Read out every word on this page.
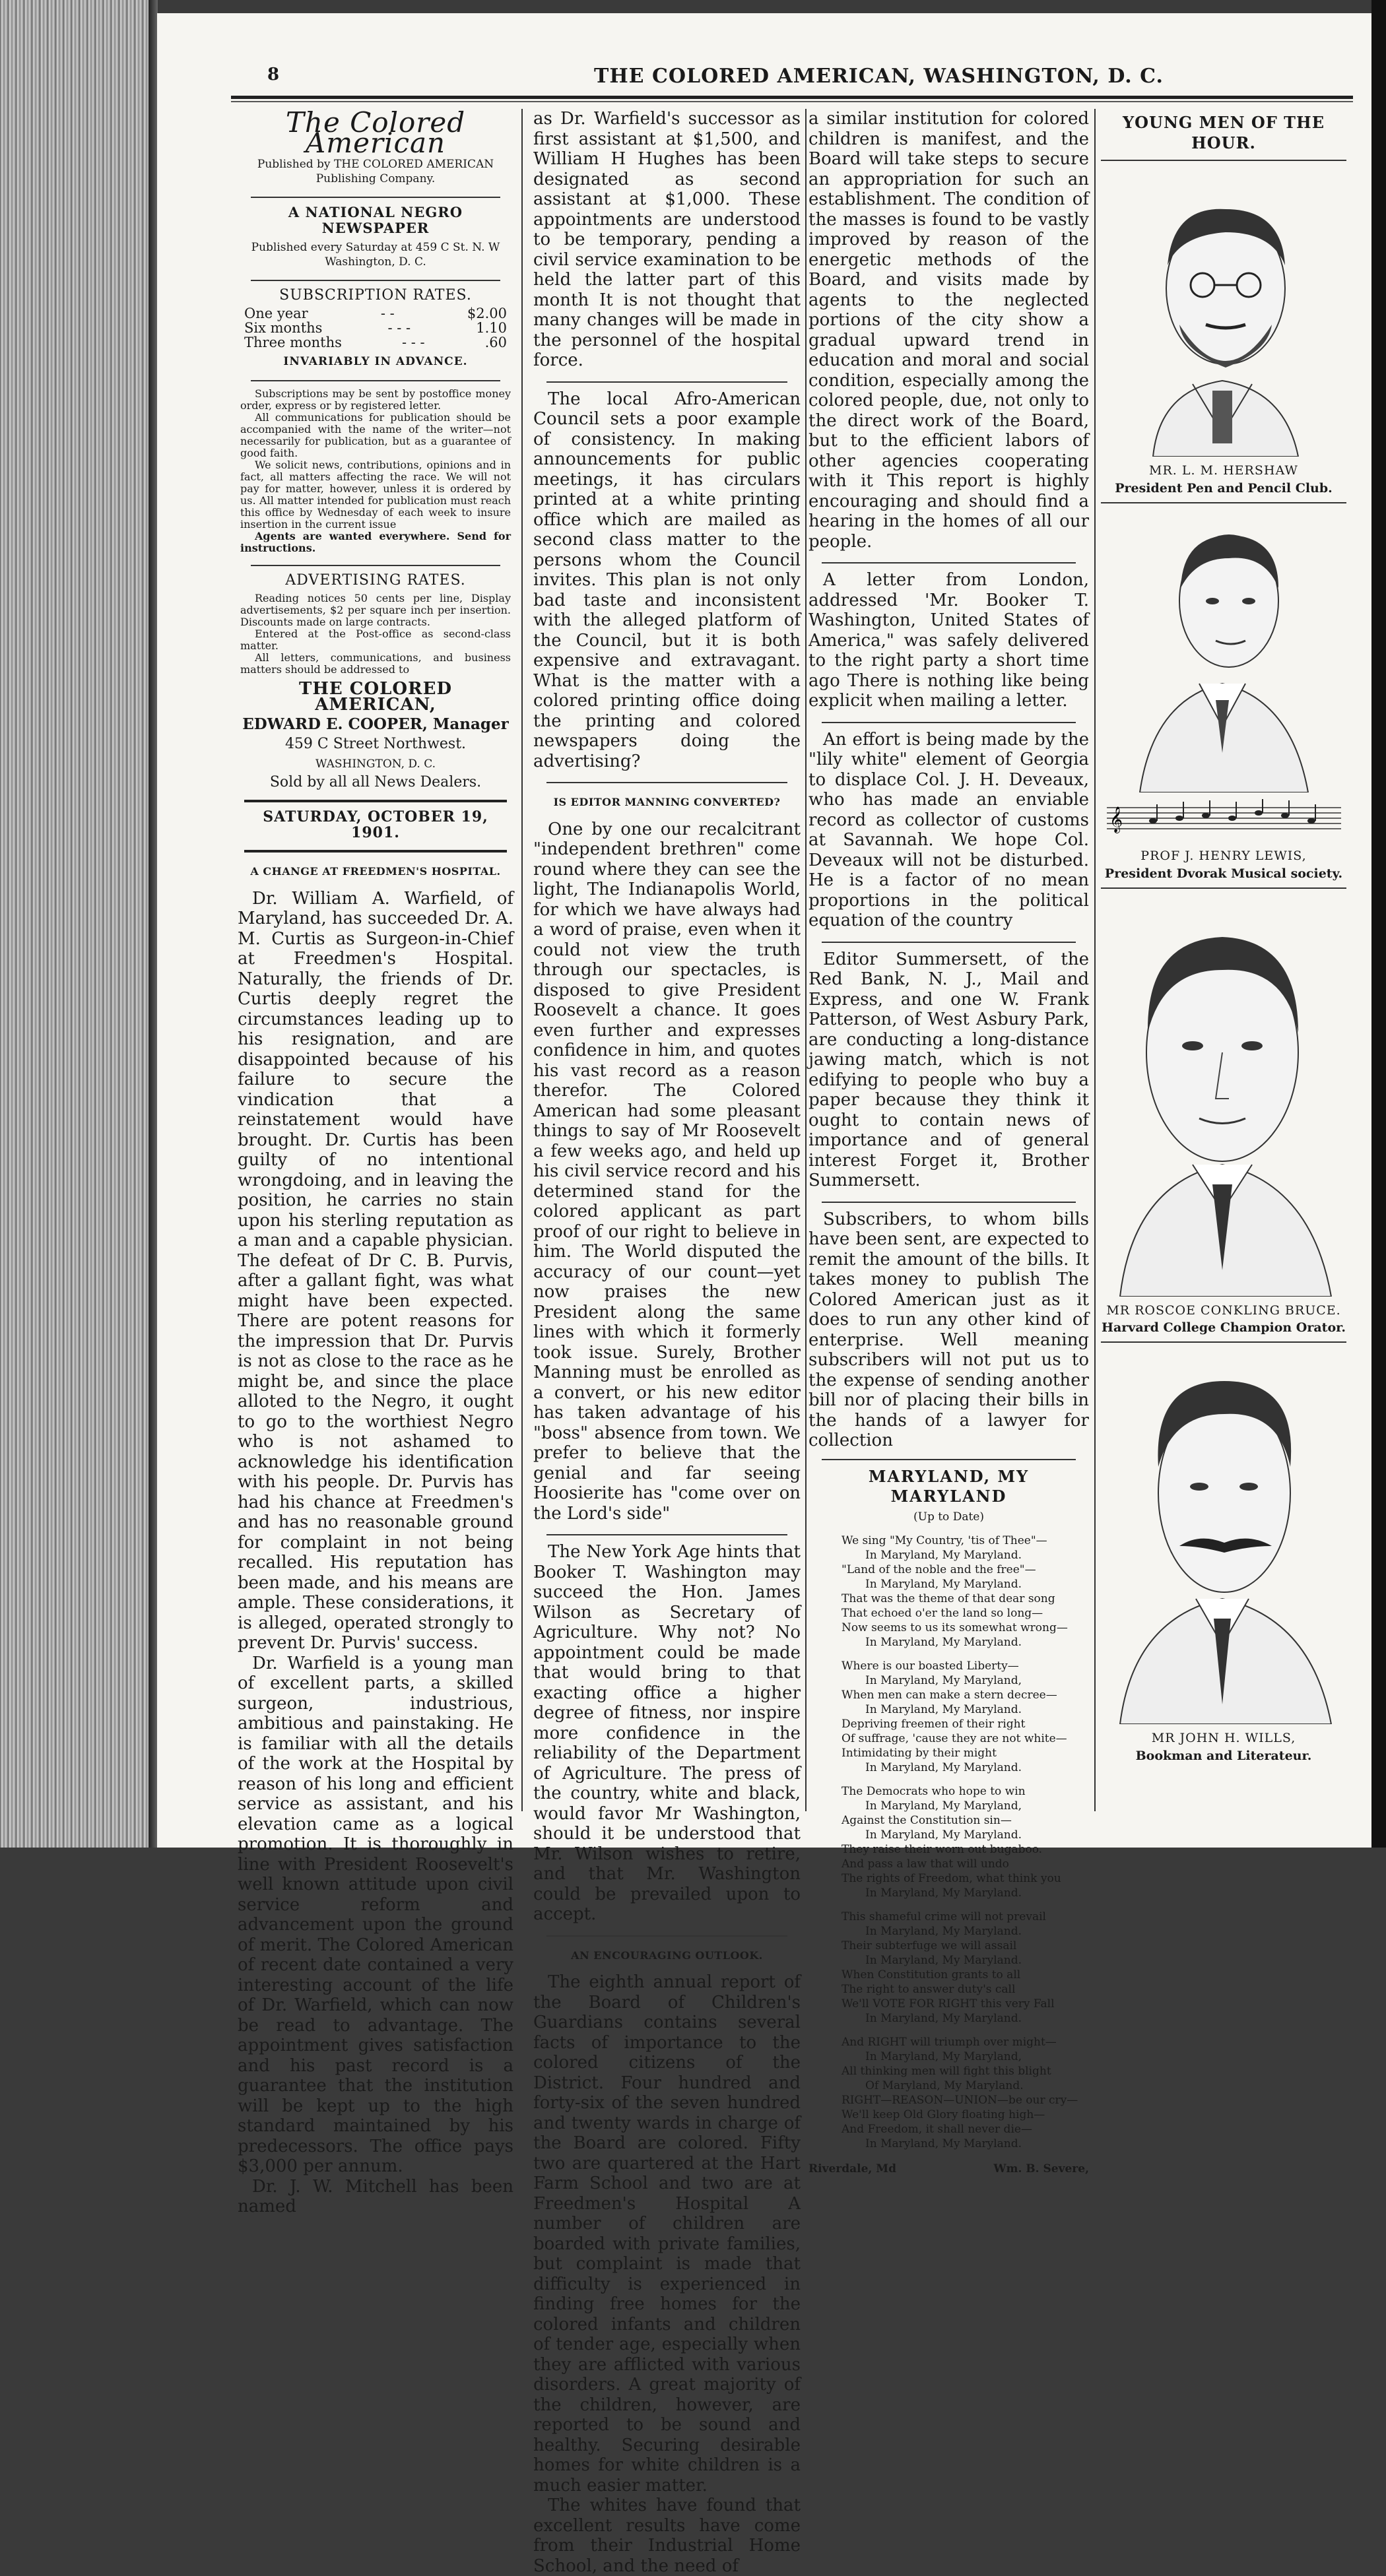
8	THE COLORED AMERICAN, WASHINGTON, D. C.
The Colored American
Published by THE COLORED AMERICAN Publishing Company.
A NATIONAL NEGRO NEWSPAPER
Published every Saturday at 459 C St. N. W Washington, D. C.
SUBSCRIPTION RATES.
One year	- -	$2.00
Six months	- - -	1.10
Three months	- - -	.60
INVARIABLY IN ADVANCE.

Subscriptions may be sent by postoffice money order, express or by registered letter.

All communications for publication should be accompanied with the name of the writer—not necessarily for publication, but as a guarantee of good faith.

We solicit news, contributions, opinions and in fact, all matters affecting the race. We will not pay for matter, however, unless it is ordered by us. All matter intended for publication must reach this office by Wednesday of each week to insure insertion in the current issue

Agents are wanted everywhere. Send for instructions.

ADVERTISING RATES.

Reading notices 50 cents per line, Display advertisements, $2 per square inch per insertion. Discounts made on large contracts.

Entered at the Post-office as second-class matter.

All letters, communications, and business matters should be addressed to

THE COLORED AMERICAN,
EDWARD E. COOPER, Manager
459 C Street Northwest.
WASHINGTON, D. C.
Sold by all all News Dealers.
SATURDAY, OCTOBER 19, 1901.
A CHANGE AT FREEDMEN'S HOSPITAL.

Dr. William A. Warfield, of Maryland, has succeeded Dr. A. M. Curtis as Surgeon-in-Chief at Freedmen's Hospital. Naturally, the friends of Dr. Curtis deeply regret the circumstances leading up to his resignation, and are disappointed because of his failure to secure the vindication that a reinstatement would have brought. Dr. Curtis has been guilty of no intentional wrongdoing, and in leaving the position, he carries no stain upon his sterling reputation as a man and a capable physician. The defeat of Dr C. B. Purvis, after a gallant fight, was what might have been expected. There are potent reasons for the impression that Dr. Purvis is not as close to the race as he might be, and since the place alloted to the Negro, it ought to go to the worthiest Negro who is not ashamed to acknowledge his identification with his people. Dr. Purvis has had his chance at Freedmen's and has no reasonable ground for complaint in not being recalled. His reputation has been made, and his means are ample. These considerations, it is alleged, operated strongly to prevent Dr. Purvis' success.

Dr. Warfield is a young man of excellent parts, a skilled surgeon, industrious, ambitious and painstaking. He is familiar with all the details of the work at the Hospital by reason of his long and efficient service as assistant, and his elevation came as a logical promotion. It is thoroughly in line with President Roosevelt's well known attitude upon civil service reform and advancement upon the ground of merit. The Colored American of recent date contained a very interesting account of the life of Dr. Warfield, which can now be read to advantage. The appointment gives satisfaction and his past record is a guarantee that the institution will be kept up to the high standard maintained by his predecessors. The office pays $3,000 per annum.

Dr. J. W. Mitchell has been named

as Dr. Warfield's successor as first assistant at $1,500, and William H Hughes has been designated as second assistant at $1,000. These appointments are understood to be temporary, pending a civil service examination to be held the latter part of this month It is not thought that many changes will be made in the personnel of the hospital force.

The local Afro-American Council sets a poor example of consistency. In making announcements for public meetings, it has circulars printed at a white printing office which are mailed as second class matter to the persons whom the Council invites. This plan is not only bad taste and inconsistent with the alleged platform of the Council, but it is both expensive and extravagant. What is the matter with a colored printing office doing the printing and colored newspapers doing the advertising?

IS EDITOR MANNING CONVERTED?

One by one our recalcitrant "independent brethren" come round where they can see the light, The Indianapolis World, for which we have always had a word of praise, even when it could not view the truth through our spectacles, is disposed to give President Roosevelt a chance. It goes even further and expresses confidence in him, and quotes his vast record as a reason therefor. The Colored American had some pleasant things to say of Mr Roosevelt a few weeks ago, and held up his civil service record and his determined stand for the colored applicant as part proof of our right to believe in him. The World disputed the accuracy of our count—yet now praises the new President along the same lines with which it formerly took issue. Surely, Brother Manning must be enrolled as a convert, or his new editor has taken advantage of his "boss" absence from town. We prefer to believe that the genial and far seeing Hoosierite has "come over on the Lord's side"

The New York Age hints that Booker T. Washington may succeed the Hon. James Wilson as Secretary of Agriculture. Why not? No appointment could be made that would bring to that exacting office a higher degree of fitness, nor inspire more confidence in the reliability of the Department of Agriculture. The press of the country, white and black, would favor Mr Washington, should it be understood that Mr. Wilson wishes to retire, and that Mr. Washington could be prevailed upon to accept.

AN ENCOURAGING OUTLOOK.

The eighth annual report of the Board of Children's Guardians contains several facts of importance to the colored citizens of the District. Four hundred and forty-six of the seven hundred and twenty wards in charge of the Board are colored. Fifty two are quartered at the Hart Farm School and two are at Freedmen's Hospital A number of children are boarded with private families, but complaint is made that difficulty is experienced in finding free homes for the colored infants and children of tender age, especially when they are afflicted with various disorders. A great majority of the children, however, are reported to be sound and healthy. Securing desirable homes for white children is a much easier matter.

The whites have found that excellent results have come from their Industrial Home School, and the need of

a similar institution for colored children is manifest, and the Board will take steps to secure an appropriation for such an establishment. The condition of the masses is found to be vastly improved by reason of the energetic methods of the Board, and visits made by agents to the neglected portions of the city show a gradual upward trend in education and moral and social condition, especially among the colored people, due, not only to the direct work of the Board, but to the efficient labors of other agencies cooperating with it This report is highly encouraging and should find a hearing in the homes of all our people.

A letter from London, addressed 'Mr. Booker T. Washington, United States of America," was safely delivered to the right party a short time ago There is nothing like being explicit when mailing a letter.

An effort is being made by the "lily white" element of Georgia to displace Col. J. H. Deveaux, who has made an enviable record as collector of customs at Savannah. We hope Col. Deveaux will not be disturbed. He is a factor of no mean proportions in the political equation of the country

Editor Summersett, of the Red Bank, N. J., Mail and Express, and one W. Frank Patterson, of West Asbury Park, are conducting a long-distance jawing match, which is not edifying to people who buy a paper because they think it ought to contain news of importance and of general interest Forget it, Brother Summersett.

Subscribers, to whom bills have been sent, are expected to remit the amount of the bills. It takes money to publish The Colored American just as it does to run any other kind of enterprise. Well meaning subscribers will not put us to the expense of sending another bill nor of placing their bills in the hands of a lawyer for collection

MARYLAND, MY MARYLAND
(Up to Date)
We sing "My Country, 'tis of Thee"—
In Maryland, My Maryland.
"Land of the noble and the free"—
In Maryland, My Maryland.
That was the theme of that dear song
That echoed o'er the land so long—
Now seems to us its somewhat wrong—
In Maryland, My Maryland.
Where is our boasted Liberty—
In Maryland, My Maryland,
When men can make a stern decree—
In Maryland, My Maryland.
Depriving freemen of their right
Of suffrage, 'cause they are not white—
Intimidating by their might
In Maryland, My Maryland.
The Democrats who hope to win
In Maryland, My Maryland,
Against the Constitution sin—
In Maryland, My Maryland.
They raise their worn out bugaboo.
And pass a law that will undo
The rights of Freedom, what think you
In Maryland, My Maryland.
This shameful crime will not prevail
In Maryland, My Maryland.
Their subterfuge we will assail
In Maryland, My Maryland.
When Constitution grants to all
The right to answer duty's call
We'll VOTE FOR RIGHT this very Fall
In Maryland, My Maryland.
And RIGHT will triumph over might—
In Maryland, My Maryland,
All thinking men will fight this blight
Of Maryland, My Maryland.
RIGHT—REASON—UNION—be our cry—
We'll keep Old Glory floating high—
And Freedom, it shall never die—
In Maryland, My Maryland.
Riverdale, Md	Wm. B. Severe,
YOUNG MEN OF THE HOUR.
MR. L. M. HERSHAW
President Pen and Pencil Club.
𝄞
PROF J. HENRY LEWIS,
President Dvorak Musical society.
MR ROSCOE CONKLING BRUCE.
Harvard College Champion Orator.
MR JOHN H. WILLS,
Bookman and Literateur.
